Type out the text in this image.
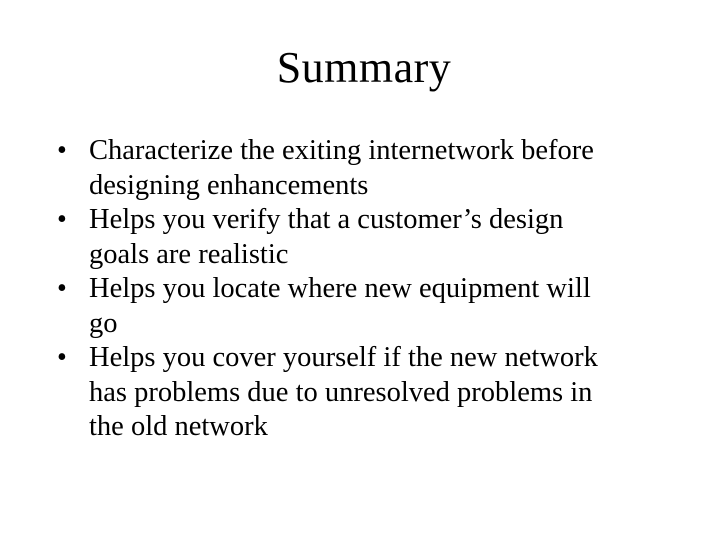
Summary
• Characterize the exiting internetwork before
designing enhancements
• Helps you verify that a customer’s design
goals are realistic
• Helps you locate where new equipment will
go
• Helps you cover yourself if the new network
has problems due to unresolved problems in
the old network
